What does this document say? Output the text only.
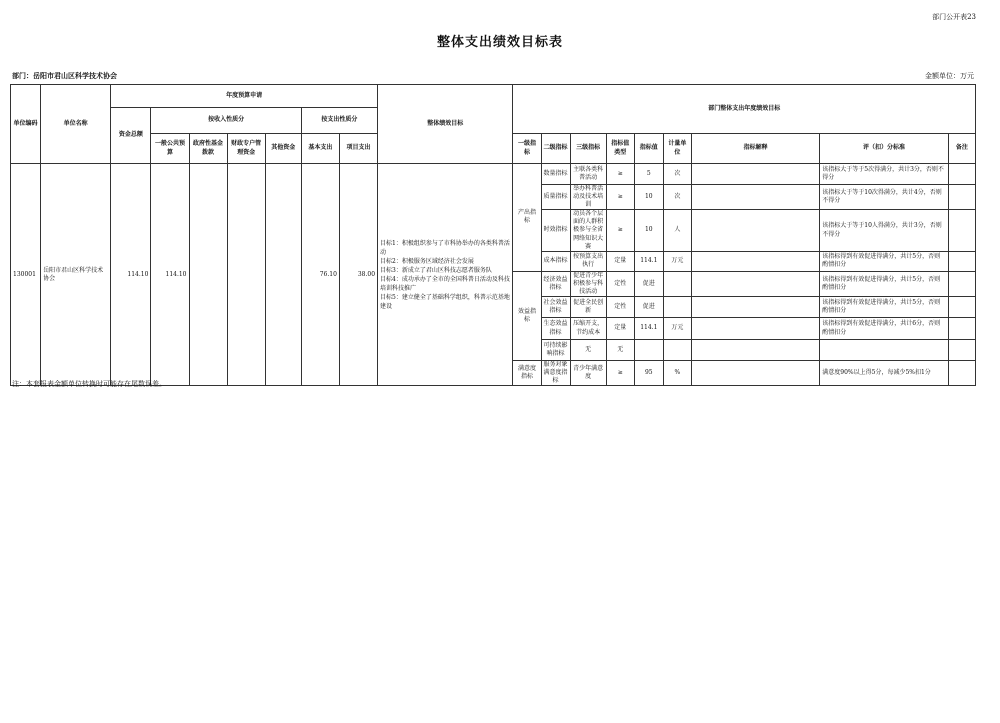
部门公开表23
整体支出绩效目标表
部门：岳阳市君山区科学技术协会	金额单位：万元
单位编码	单位名称	年度预算申请							整体绩效目标	部门整体支出年度绩效目标								
		资金总额	按收入性质分				按支出性质分											

			一般公共预算	政府性基金拨款	财政专户管理资金	其他资金	基本支出	项目支出		一级指标	二级指标	三级指标	指标值类型	指标值	计量单位	指标解释	评（扣）分标准	备注
130001	岳阳市君山区科学技术协会	114.10	114.10				76.10	38.00	目标1：积极组织参与了市科协举办的各类科普活动
目标2：积极服务区域经济社会发展
目标3：新成立了君山区科技志愿者服务队
目标4：成功承办了全市的全国科普日活动及科技培训科技推广
目标5：建立健全了基础科学组织，科普示范基地建设	产出指标	数量指标	主联各类科普活动	≥	5	次		该指标大于等于5次得满分，共计3分，否则不得分	
											质量指标	举办科普活动及技术培训	≥	10	次		该指标大于等于10次得满分，共计4分，否则不得分	
											时效指标	动员各个层面的人群积极参与全省网络知识大赛	≥	10	人		该指标大于等于10人得满分，共计3分，否则不得分	
											成本指标	按预算支出执行	定量	114.1	万元		该指标得到有效促进得满分，共计5分，否则酌情扣分	
										效益指标	经济效益指标	促进青少年积极参与科技活动	定性	促进			该指标得到有效促进得满分，共计5分，否则酌情扣分	
											社会效益指标	促进全民创新	定性	促进			该指标得到有效促进得满分，共计5分，否则酌情扣分	
											生态效益指标	压缩开支，节约成本	定量	114.1	万元		该指标得到有效促进得满分，共计6分，否则酌情扣分	
											可持续影响指标	无	无					
										满意度指标	服务对象满意度指标	青少年满意度	≥	95	%		满意度90%以上得5分，每减少5%扣1分	
注：本套报表金额单位转换时可能存在尾数误差。
